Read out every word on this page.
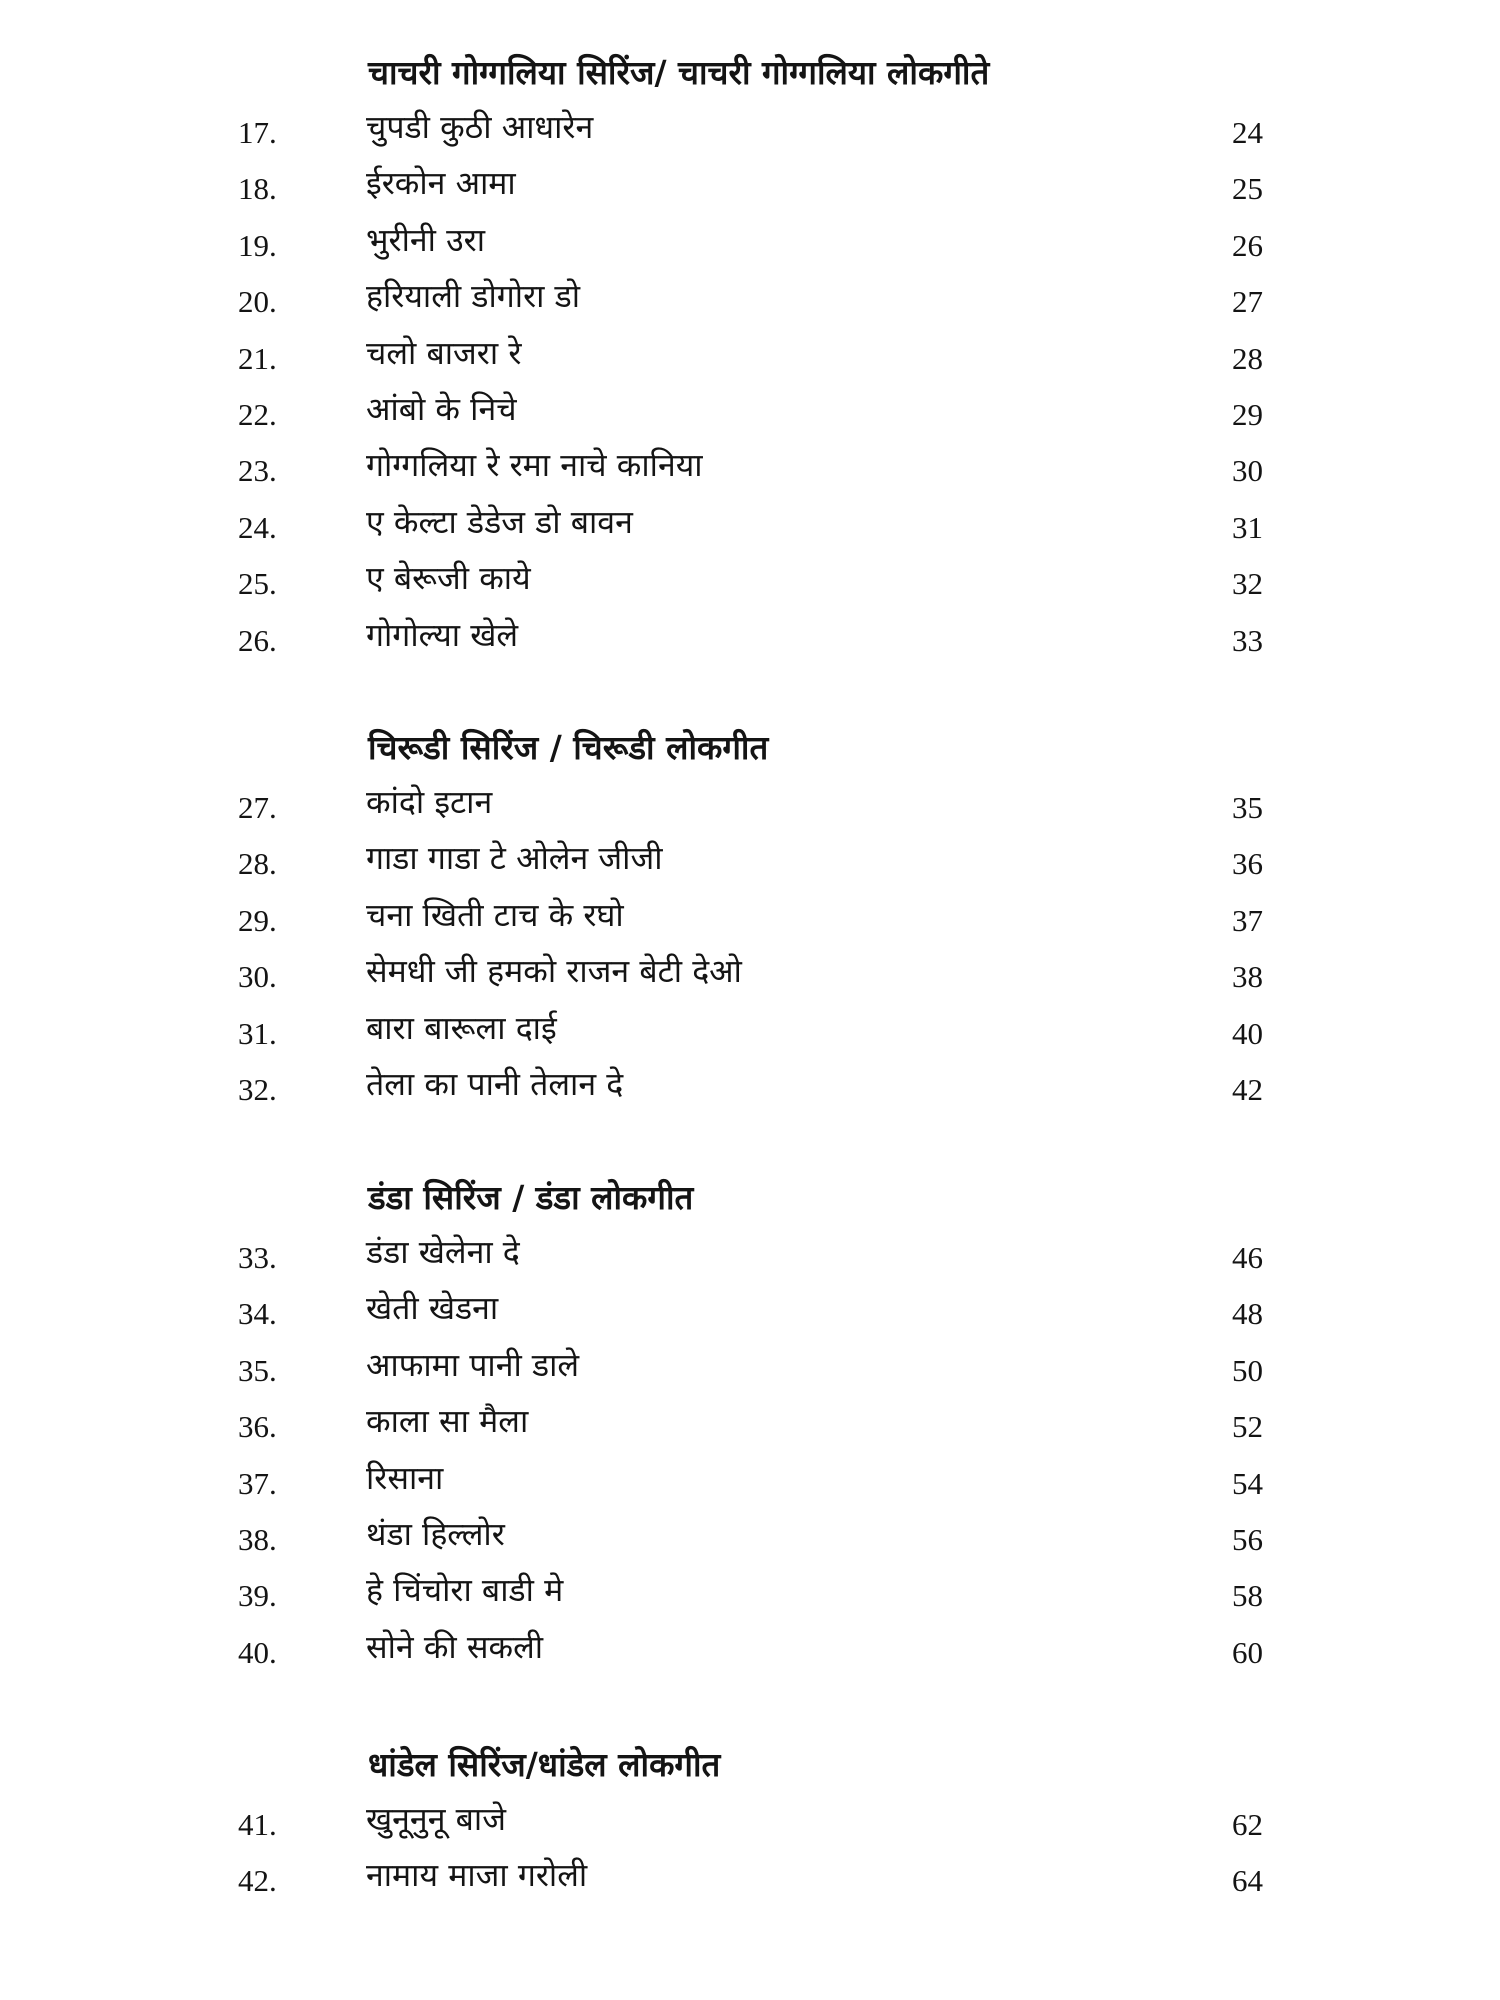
चाचरी गोग्गलिया सिरिंज/ चाचरी गोग्गलिया लोकगीते
17.	चुपडी कुठी आधारेन	24
18.	ईरकोन आमा	25
19.	भुरीनी उरा	26
20.	हरियाली डोगोरा डो	27
21.	चलो बाजरा रे	28
22.	आंबो के निचे	29
23.	गोग्गलिया रे रमा नाचे कानिया	30
24.	ए केल्टा डेडेज डो बावन	31
25.	ए बेरूजी काये	32
26.	गोगोल्या खेले	33
चिरूडी सिरिंज / चिरूडी लोकगीत
27.	कांदो इटान	35
28.	गाडा गाडा टे ओलेन जीजी	36
29.	चना खिती टाच के रघो	37
30.	सेमधी जी हमको राजन बेटी देओ	38
31.	बारा बारूला दाई	40
32.	तेला का पानी तेलान दे	42
डंडा सिरिंज / डंडा लोकगीत
33.	डंडा खेलेना दे	46
34.	खेती खेडना	48
35.	आफामा पानी डाले	50
36.	काला सा मैला	52
37.	रिसाना	54
38.	थंडा हिल्लोर	56
39.	हे चिंचोरा बाडी मे	58
40.	सोने की सकली	60
धांडेल सिरिंज/धांडेल लोकगीत
41.	खुनूनुनू बाजे	62
42.	नामाय माजा गरोली	64
